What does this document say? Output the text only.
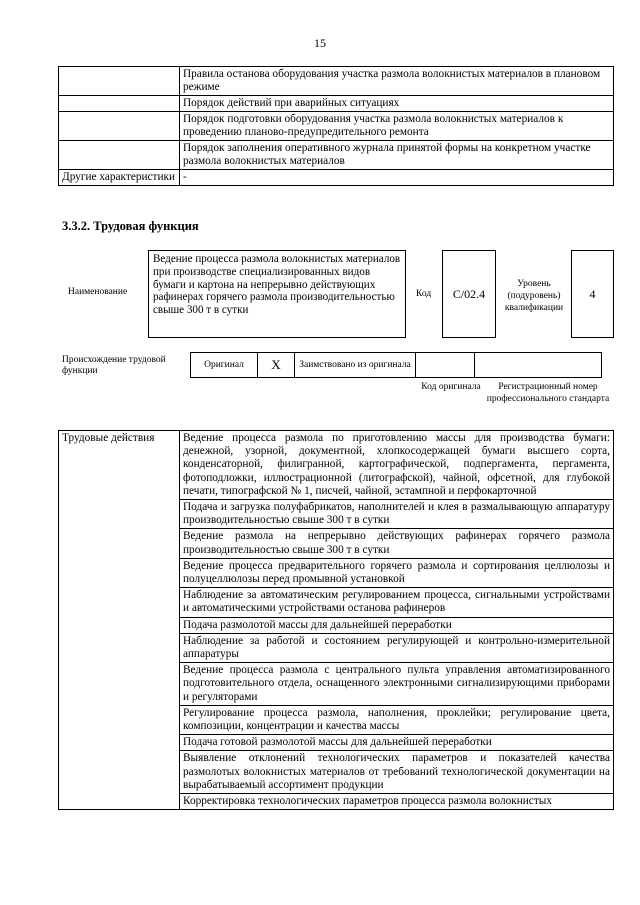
15
	Правила останова оборудования участка размола волокнистых материалов в плановом режиме
	Порядок действий при аварийных ситуациях
	Порядок подготовки оборудования участка размола волокнистых материалов к проведению планово-предупредительного ремонта
	Порядок заполнения оперативного журнала принятой формы на конкретном участке размола волокнистых материалов
Другие характеристики	-
3.3.2. Трудовая функция
Наименование
Ведение процесса размола волокнистых материалов при производстве специализированных видов бумаги и картона на непрерывно действующих рафинерах горячего размола производительностью свыше 300 т в сутки
Код С/02.4
Уровень (подуровень) квалификации
4
Происхождение трудовой функции
Оригинал	X	Заимствовано из оригинала		
Код оригинала	Регистрационный номер профессионального стандарта
Трудовые действия	Ведение процесса размола по приготовлению массы для производства бумаги: денежной, узорной, документной, хлопкосодержащей бумаги высшего сорта, конденсаторной, филигранной, картографической, подпергамента, пергамента, фотоподложки, иллюстрационной (литографской), чайной, офсетной, для глубокой печати, типографской № 1, писчей, чайной, эстампной и перфокарточной
Подача и загрузка полуфабрикатов, наполнителей и клея в размалывающую аппаратуру производительностью свыше 300 т в сутки
Ведение размола на непрерывно действующих рафинерах горячего размола производительностью свыше 300 т в сутки
Ведение процесса предварительного горячего размола и сортирования целлюлозы и полуцеллюлозы перед промывной установкой
Наблюдение за автоматическим регулированием процесса, сигнальными устройствами и автоматическими устройствами останова рафинеров
Подача размолотой массы для дальнейшей переработки
Наблюдение за работой и состоянием регулирующей и контрольно-измерительной аппаратуры
Ведение процесса размола с центрального пульта управления автоматизированного подготовительного отдела, оснащенного электронными сигнализирующими приборами и регуляторами
Регулирование процесса размола, наполнения, проклейки; регулирование цвета, композиции, концентрации и качества массы
Подача готовой размолотой массы для дальнейшей переработки
Выявление отклонений технологических параметров и показателей качества размолотых волокнистых материалов от требований технологической документации на вырабатываемый ассортимент продукции
Корректировка технологических параметров процесса размола волокнистых
